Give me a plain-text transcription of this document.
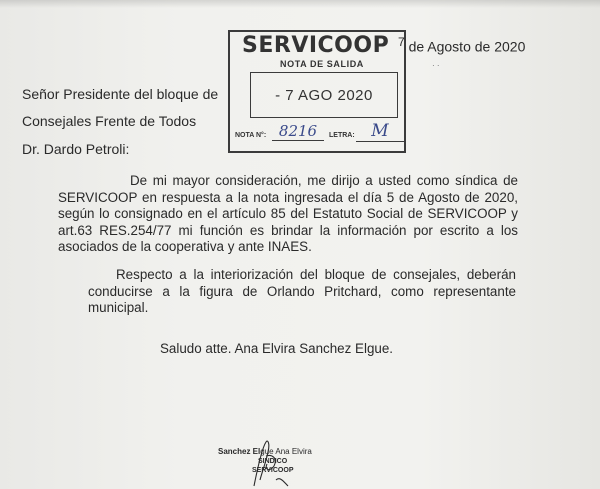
7 de Agosto de 2020
SERVICOOP
NOTA DE SALIDA
- 7 AGO 2020
NOTA N°: 8216	LETRA: M
· ·
Señor Presidente del bloque de
Consejales Frente de Todos
Dr. Dardo Petroli:
De mi mayor consideración, me dirijo a usted como síndica de SERVICOOP en respuesta a la nota ingresada el día 5 de Agosto de 2020, según lo consignado en el artículo 85 del Estatuto Social de SERVICOOP y art.63 RES.254/77 mi función es brindar la información por escrito a los asociados de la cooperativa y ante INAES.
Respecto a la interiorización del bloque de consejales, deberán conducirse a la figura de Orlando Pritchard, como representante municipal.
Saludo atte. Ana Elvira Sanchez Elgue.
Sanchez Elgue Ana Elvira
SINDICO
SERVICOOP
